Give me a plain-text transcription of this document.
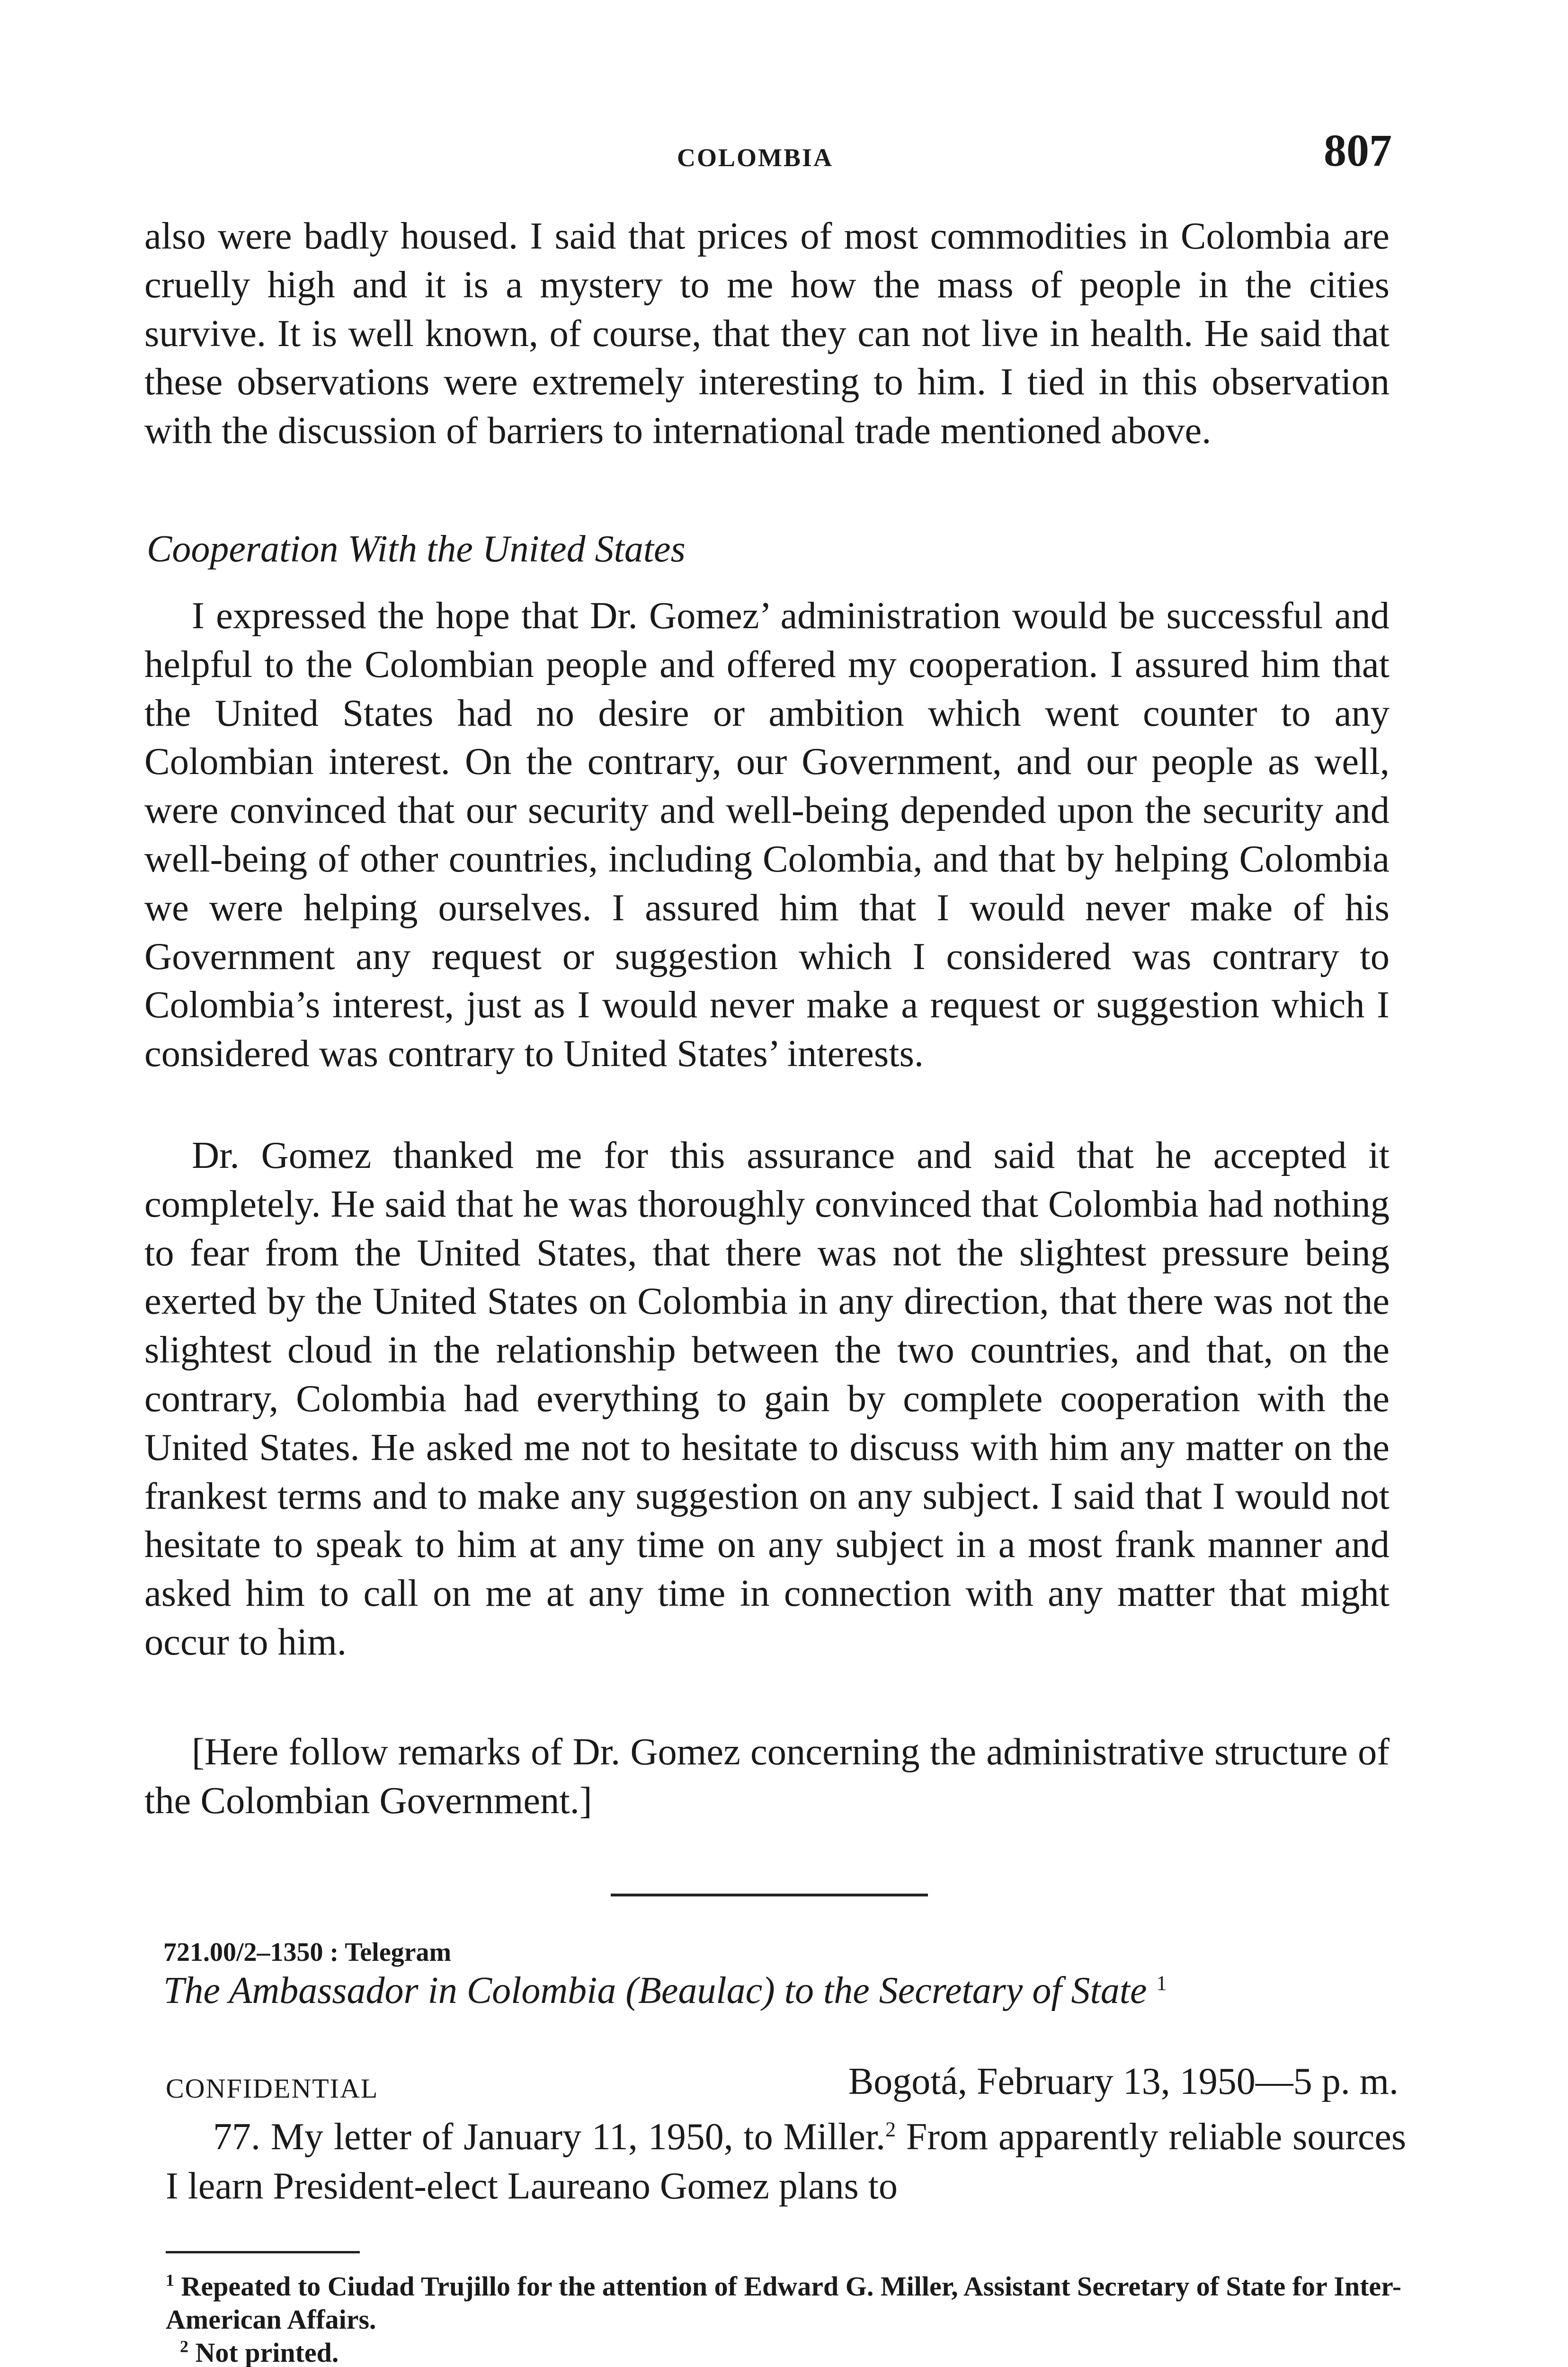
COLOMBIA	807

also were badly housed. I said that prices of most commodities in Colombia are cruelly high and it is a mystery to me how the mass of people in the cities survive. It is well known, of course, that they can not live in health. He said that these observations were extremely interesting to him. I tied in this observation with the discussion of barriers to international trade mentioned above.

Cooperation With the United States

I expressed the hope that Dr. Gomez’ administration would be successful and helpful to the Colombian people and offered my cooperation. I assured him that the United States had no desire or ambition which went counter to any Colombian interest. On the contrary, our Government, and our people as well, were convinced that our security and well-being depended upon the security and well-being of other countries, including Colombia, and that by helping Colombia we were helping ourselves. I assured him that I would never make of his Government any request or suggestion which I considered was contrary to Colombia’s interest, just as I would never make a request or suggestion which I considered was contrary to United States’ interests.

Dr. Gomez thanked me for this assurance and said that he accepted it completely. He said that he was thoroughly convinced that Colombia had nothing to fear from the United States, that there was not the slightest pressure being exerted by the United States on Colombia in any direction, that there was not the slightest cloud in the relationship between the two countries, and that, on the contrary, Colombia had everything to gain by complete cooperation with the United States. He asked me not to hesitate to discuss with him any matter on the frankest terms and to make any suggestion on any subject. I said that I would not hesitate to speak to him at any time on any subject in a most frank manner and asked him to call on me at any time in connection with any matter that might occur to him.

[Here follow remarks of Dr. Gomez concerning the administrative structure of the Colombian Government.]

721.00/2–1350 : Telegram
The Ambassador in Colombia (Beaulac) to the Secretary of State $^1$
CONFIDENTIAL	Bogotá, February 13, 1950—5 p. m.

77. My letter of January 11, 1950, to Miller.$^2$ From apparently reliable sources I learn President-elect Laureano Gomez plans to

$^1$ Repeated to Ciudad Trujillo for the attention of Edward G. Miller, Assistant Secretary of State for Inter-American Affairs.

$^2$ Not printed.
